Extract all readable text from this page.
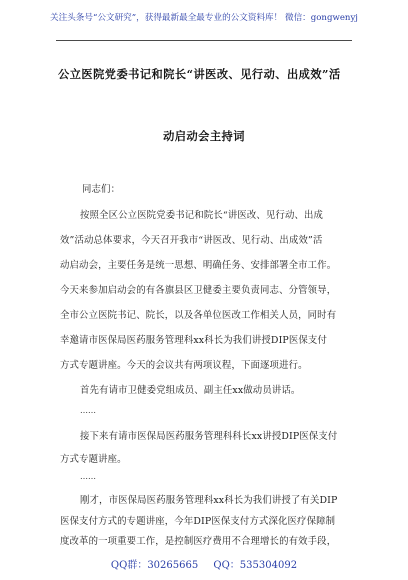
关注头条号“公文研究”，获得最新最全最专业的公文资料库！ 微信：gongwenyj
公立医院党委书记和院长“讲医改、见行动、出成效”活
动启动会主持词
同志们：
按照全区公立医院党委书记和院长“讲医改、见行动、出成
效”活动总体要求，今天召开我市“讲医改、见行动、出成效”活
动启动会，主要任务是统一思想、明确任务、安排部署全市工作。
今天来参加启动会的有各旗县区卫健委主要负责同志、分管领导，
全市公立医院书记、院长，以及各单位医改工作相关人员，同时有
幸邀请市医保局医药服务管理科xx科长为我们讲授DIP医保支付
方式专题讲座。今天的会议共有两项议程，下面逐项进行。
首先有请市卫健委党组成员、副主任xx做动员讲话。
……
接下来有请市医保局医药服务管理科科长xx讲授DIP医保支付
方式专题讲座。
……
刚才，市医保局医药服务管理科xx科长为我们讲授了有关DIP
医保支付方式的专题讲座，今年DIP医保支付方式深化医疗保障制
度改革的一项重要工作，是控制医疗费用不合理增长的有效手段，
QQ群：30265665 QQ：535304092
